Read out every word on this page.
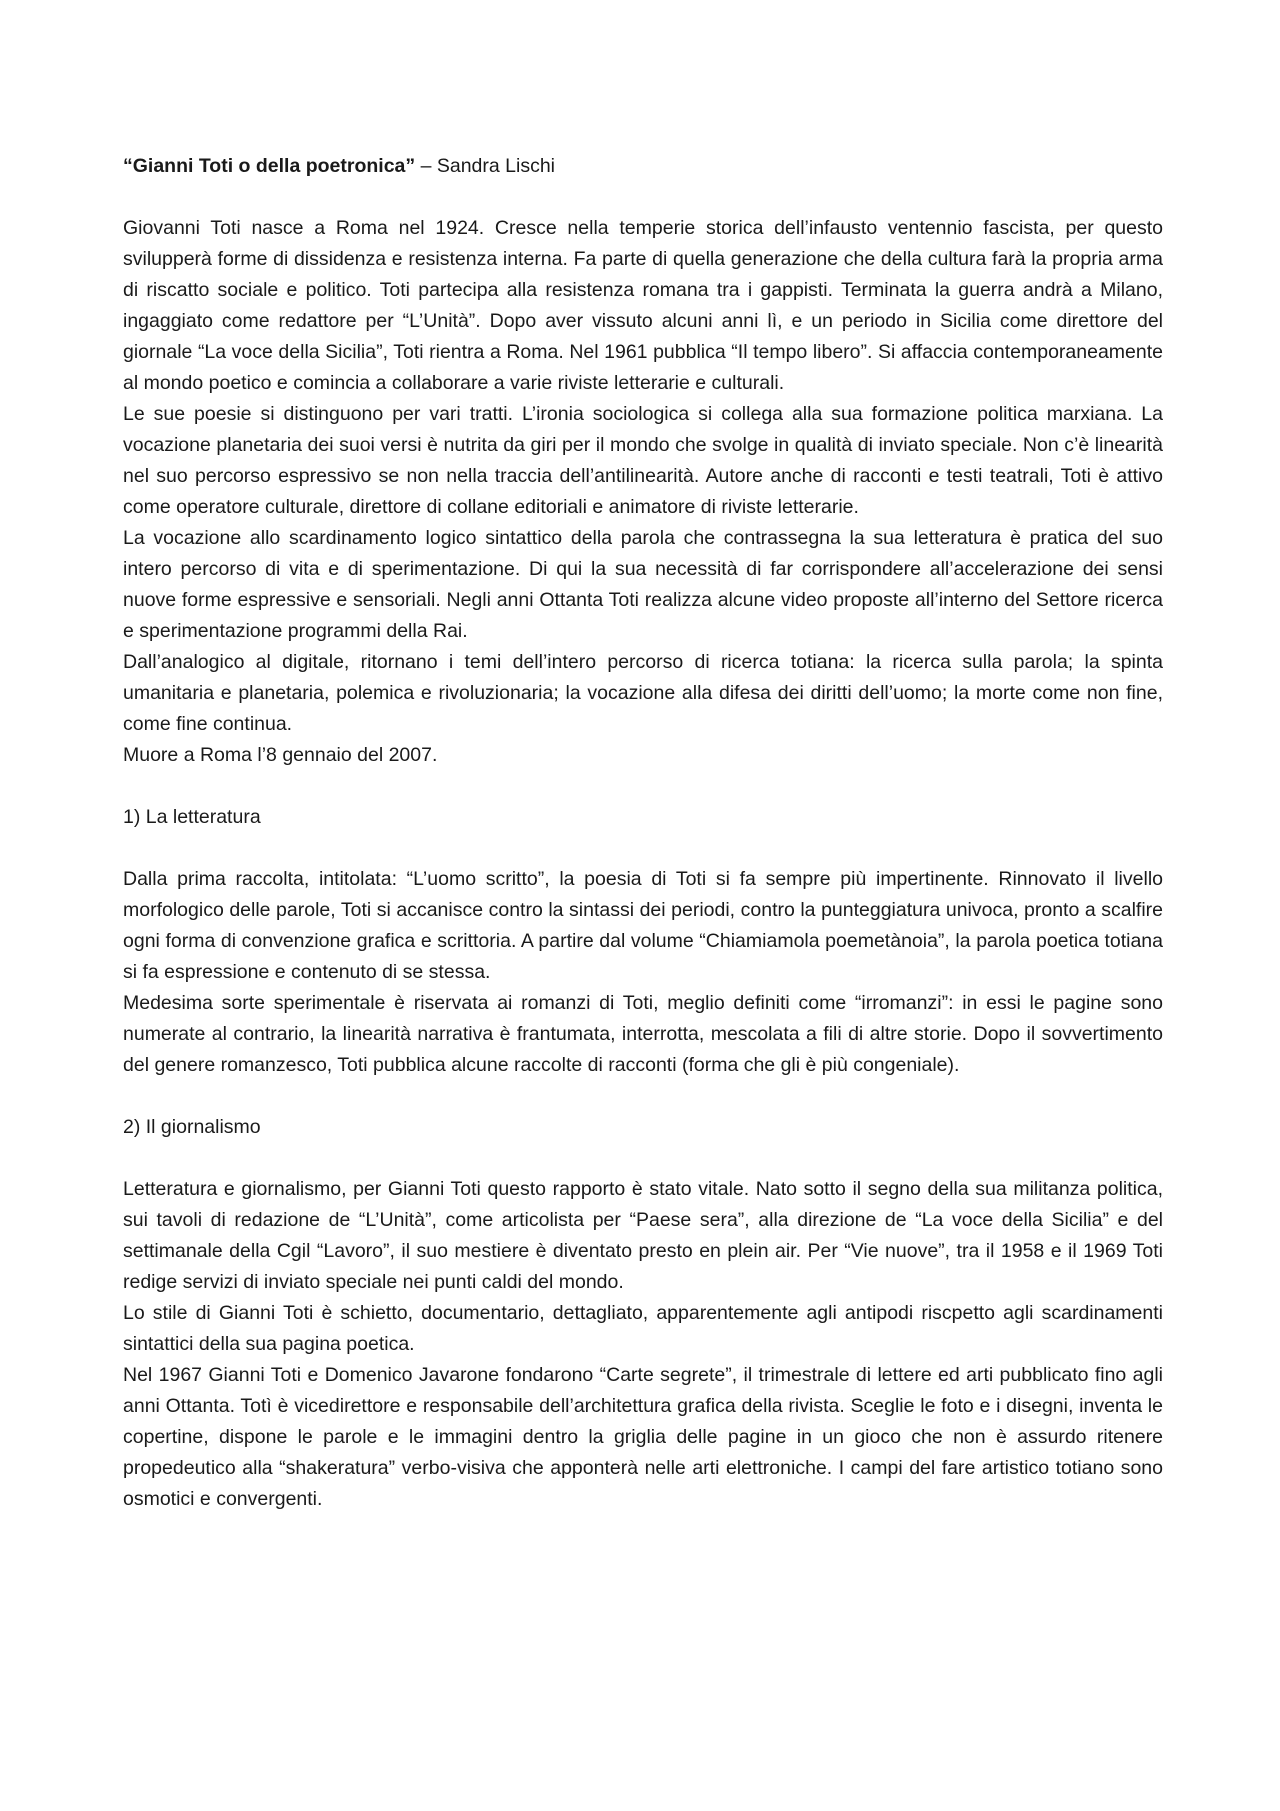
“Gianni Toti o della poetronica” – Sandra Lischi

Giovanni Toti nasce a Roma nel 1924. Cresce nella temperie storica dell’infausto ventennio fascista, per questo svilupperà forme di dissidenza e resistenza interna. Fa parte di quella generazione che della cultura farà la propria arma di riscatto sociale e politico. Toti partecipa alla resistenza romana tra i gappisti. Terminata la guerra andrà a Milano, ingaggiato come redattore per “L’Unità”. Dopo aver vissuto alcuni anni lì, e un periodo in Sicilia come direttore del giornale “La voce della Sicilia”, Toti rientra a Roma. Nel 1961 pubblica “Il tempo libero”. Si affaccia contemporaneamente al mondo poetico e comincia a collaborare a varie riviste letterarie e culturali.

Le sue poesie si distinguono per vari tratti. L’ironia sociologica si collega alla sua formazione politica marxiana. La vocazione planetaria dei suoi versi è nutrita da giri per il mondo che svolge in qualità di inviato speciale. Non c’è linearità nel suo percorso espressivo se non nella traccia dell’antilinearità. Autore anche di racconti e testi teatrali, Toti è attivo come operatore culturale, direttore di collane editoriali e animatore di riviste letterarie.

La vocazione allo scardinamento logico sintattico della parola che contrassegna la sua letteratura è pratica del suo intero percorso di vita e di sperimentazione. Di qui la sua necessità di far corrispondere all’accelerazione dei sensi nuove forme espressive e sensoriali. Negli anni Ottanta Toti realizza alcune video proposte all’interno del Settore ricerca e sperimentazione programmi della Rai.

Dall’analogico al digitale, ritornano i temi dell’intero percorso di ricerca totiana: la ricerca sulla parola; la spinta umanitaria e planetaria, polemica e rivoluzionaria; la vocazione alla difesa dei diritti dell’uomo; la morte come non fine, come fine continua.

Muore a Roma l’8 gennaio del 2007.

1) La letteratura

Dalla prima raccolta, intitolata: “L’uomo scritto”, la poesia di Toti si fa sempre più impertinente. Rinnovato il livello morfologico delle parole, Toti si accanisce contro la sintassi dei periodi, contro la punteggiatura univoca, pronto a scalfire ogni forma di convenzione grafica e scrittoria. A partire dal volume “Chiamiamola poemetànoia”, la parola poetica totiana si fa espressione e contenuto di se stessa.

Medesima sorte sperimentale è riservata ai romanzi di Toti, meglio definiti come “irromanzi”: in essi le pagine sono numerate al contrario, la linearità narrativa è frantumata, interrotta, mescolata a fili di altre storie. Dopo il sovvertimento del genere romanzesco, Toti pubblica alcune raccolte di racconti (forma che gli è più congeniale).

2) Il giornalismo

Letteratura e giornalismo, per Gianni Toti questo rapporto è stato vitale. Nato sotto il segno della sua militanza politica, sui tavoli di redazione de “L’Unità”, come articolista per “Paese sera”, alla direzione de “La voce della Sicilia” e del settimanale della Cgil “Lavoro”, il suo mestiere è diventato presto en plein air. Per “Vie nuove”, tra il 1958 e il 1969 Toti redige servizi di inviato speciale nei punti caldi del mondo.

Lo stile di Gianni Toti è schietto, documentario, dettagliato, apparentemente agli antipodi riscpetto agli scardinamenti sintattici della sua pagina poetica.

Nel 1967 Gianni Toti e Domenico Javarone fondarono “Carte segrete”, il trimestrale di lettere ed arti pubblicato fino agli anni Ottanta. Totì è vicedirettore e responsabile dell’architettura grafica della rivista. Sceglie le foto e i disegni, inventa le copertine, dispone le parole e le immagini dentro la griglia delle pagine in un gioco che non è assurdo ritenere propedeutico alla “shakeratura” verbo-visiva che apponterà nelle arti elettroniche. I campi del fare artistico totiano sono osmotici e convergenti.
